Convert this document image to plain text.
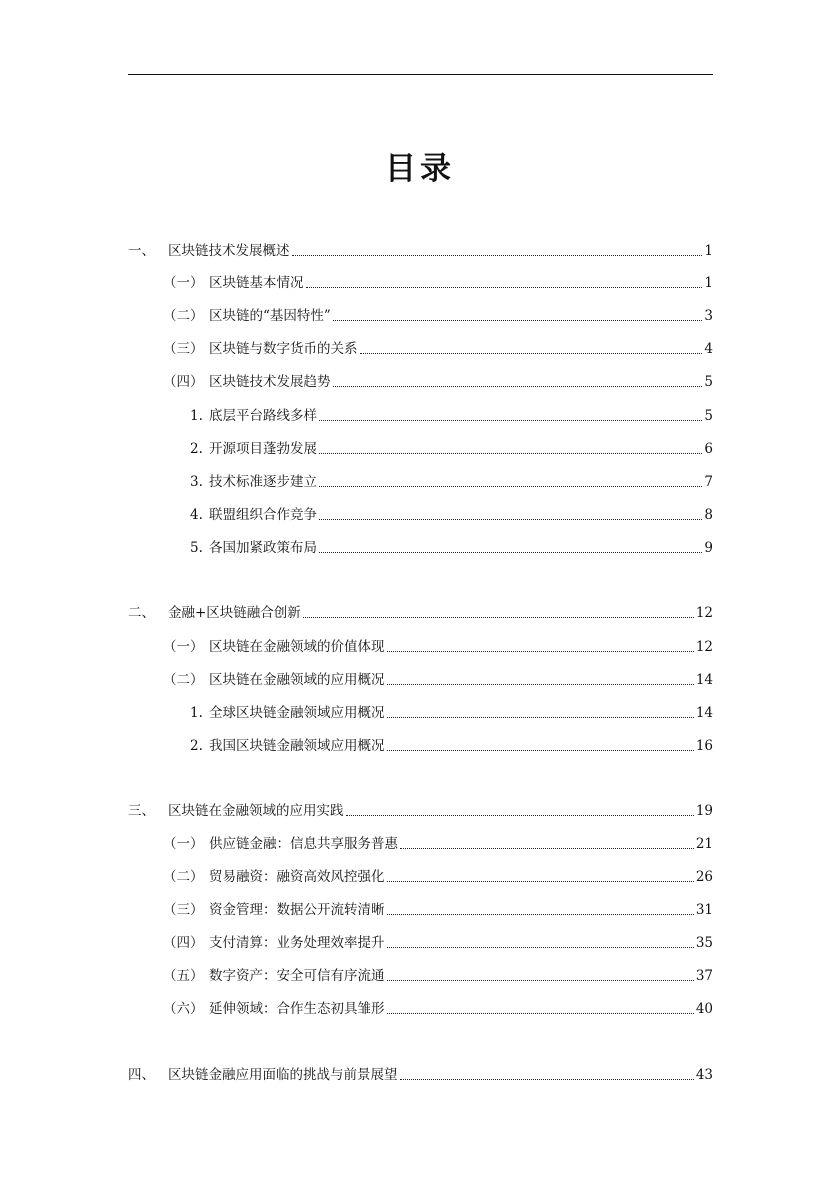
目录
一、 区块链技术发展概述	1
（一） 区块链基本情况	1
（二） 区块链的“基因特性”	3
（三） 区块链与数字货币的关系	4
（四） 区块链技术发展趋势	5
1. 底层平台路线多样	5
2. 开源项目蓬勃发展	6
3. 技术标准逐步建立	7
4. 联盟组织合作竞争	8
5. 各国加紧政策布局	9
二、 金融+区块链融合创新	12
（一） 区块链在金融领域的价值体现	12
（二） 区块链在金融领域的应用概况	14
1. 全球区块链金融领域应用概况	14
2. 我国区块链金融领域应用概况	16
三、 区块链在金融领域的应用实践	19
（一） 供应链金融：信息共享服务普惠	21
（二） 贸易融资：融资高效风控强化	26
（三） 资金管理：数据公开流转清晰	31
（四） 支付清算：业务处理效率提升	35
（五） 数字资产：安全可信有序流通	37
（六） 延伸领域：合作生态初具雏形	40
四、 区块链金融应用面临的挑战与前景展望	43
